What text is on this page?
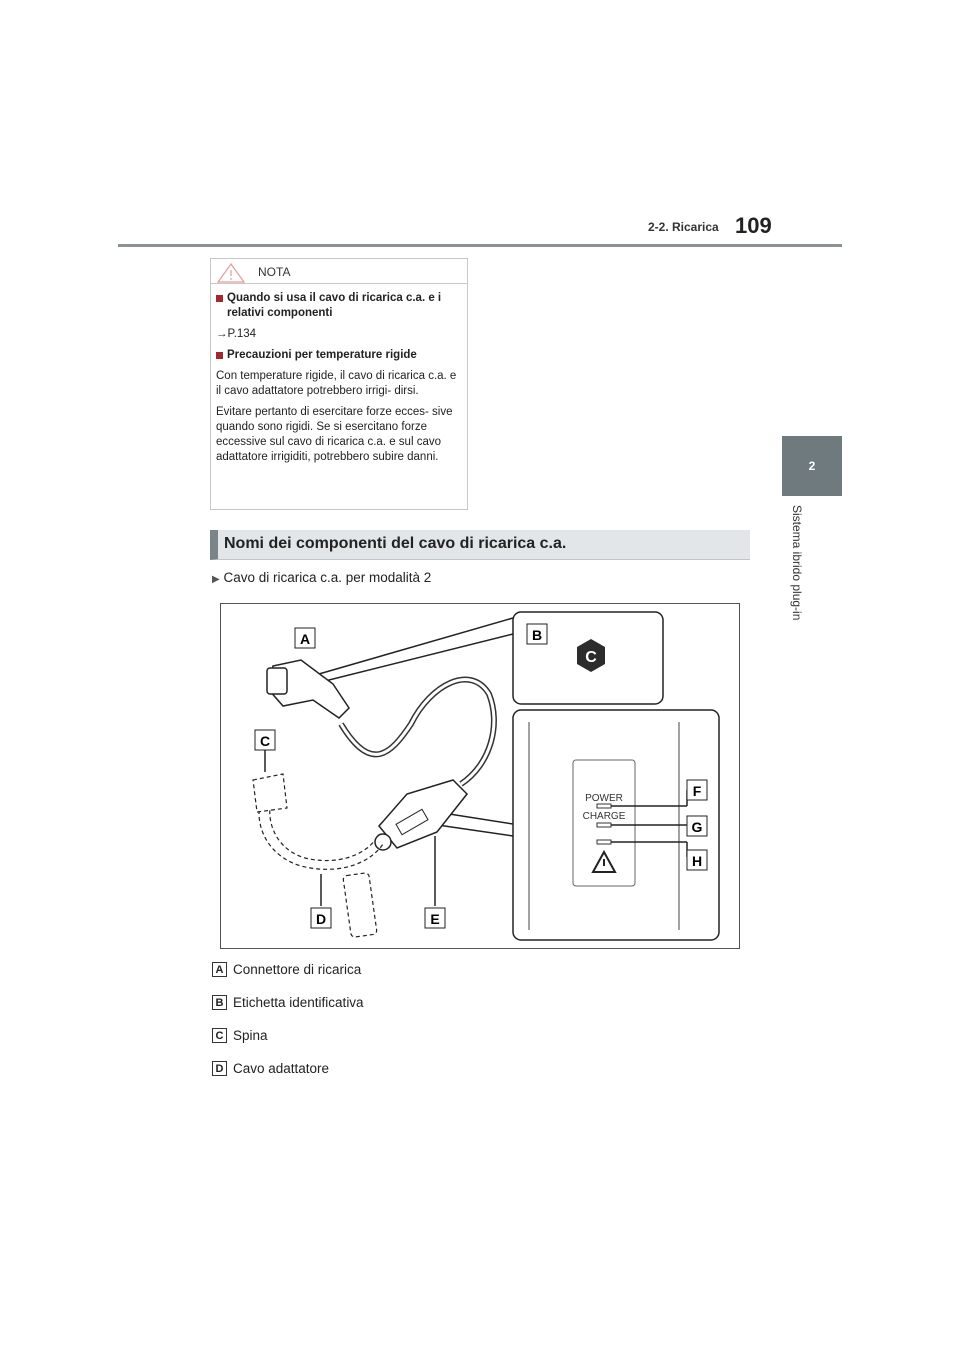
2-2. Ricarica 109
2
Sistema ibrido plug-in
NOTA

Quando si usa il cavo di ricarica c.a. e i relativi componenti

→P.134

Precauzioni per temperature rigide

Con temperature rigide, il cavo di ricarica c.a. e il cavo adattatore potrebbero irrigi- dirsi.

Evitare pertanto di esercitare forze ecces- sive quando sono rigidi. Se si esercitano forze eccessive sul cavo di ricarica c.a. e sul cavo adattatore irrigiditi, potrebbero subire danni.

Nomi dei componenti del cavo di ricarica c.a.
▶ Cavo di ricarica c.a. per modalità 2
C
POWER
CHARGE
A	B
C
D	E
F
G
H
A Connettore di ricarica
B Etichetta identificativa
C Spina
D Cavo adattatore
